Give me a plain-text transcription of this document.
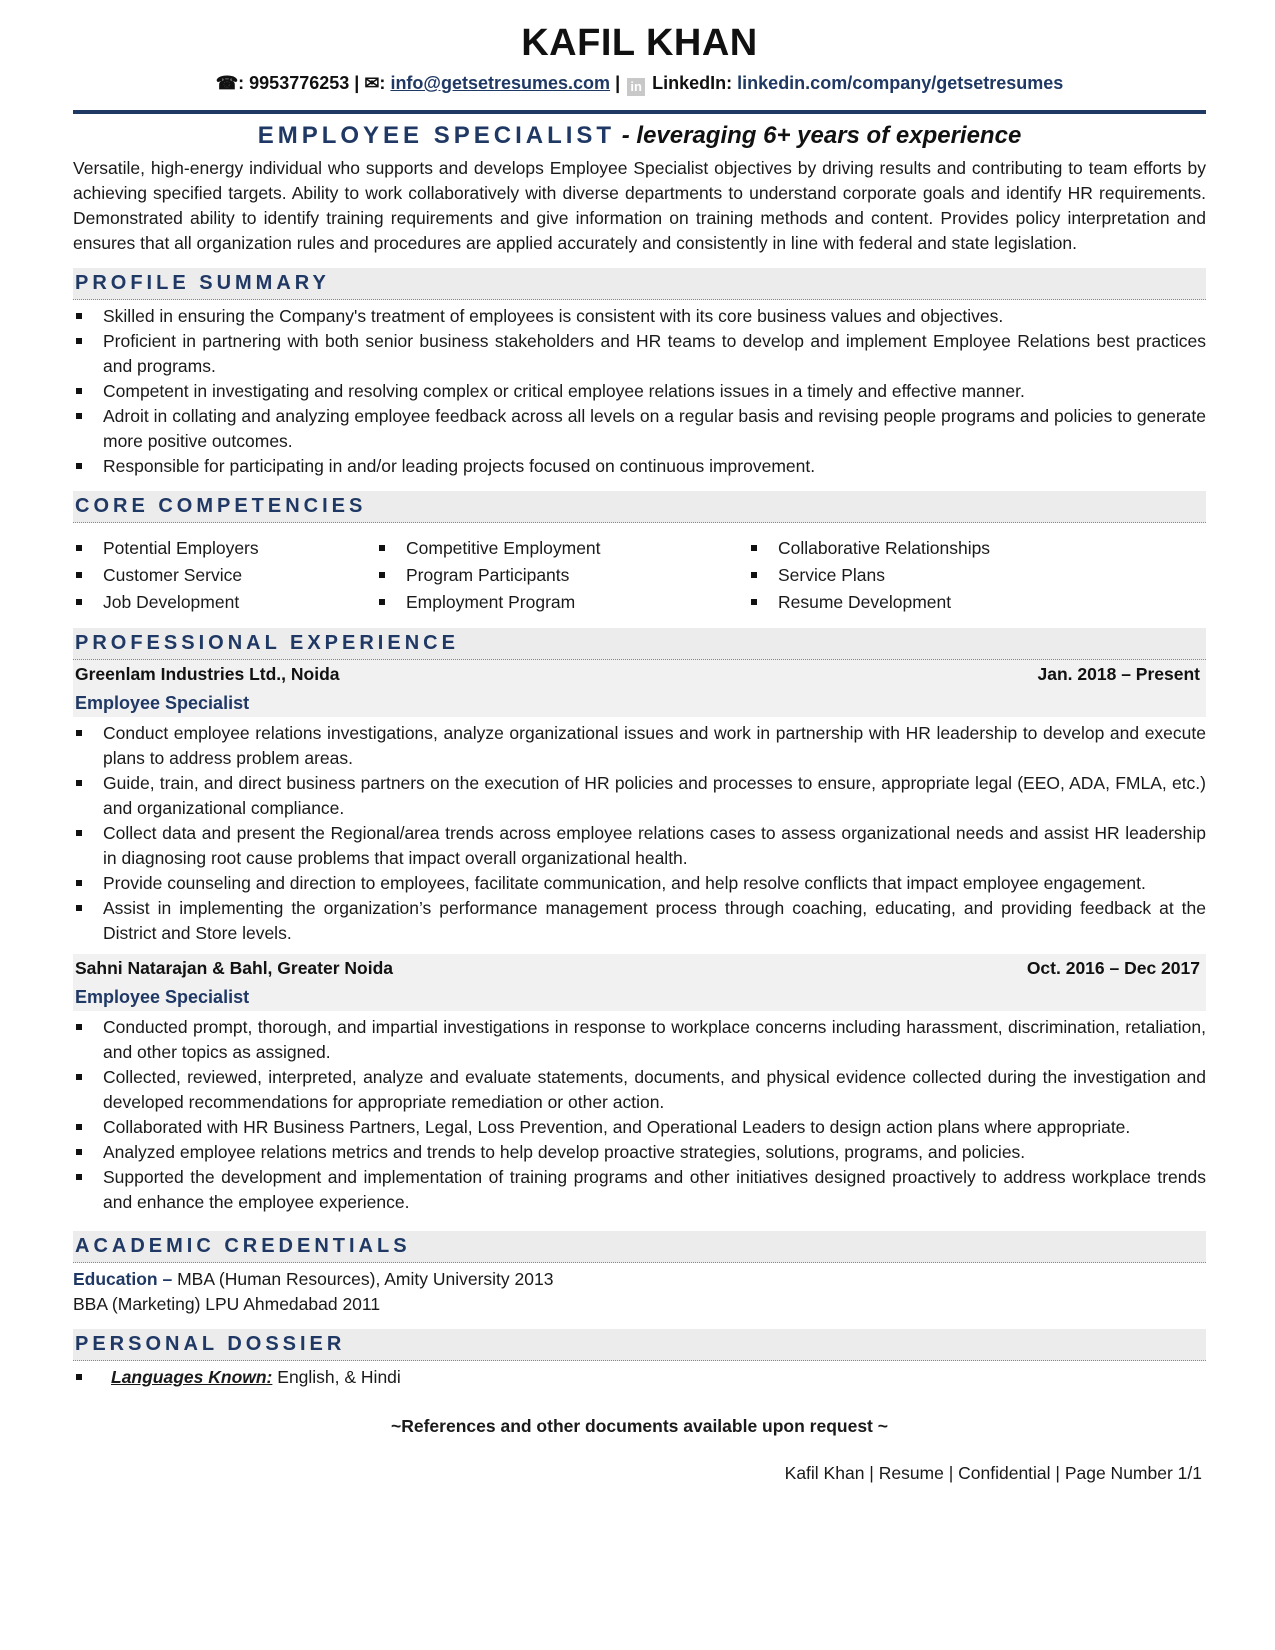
KAFIL KHAN
☎: 9953776253 | ✉: info@getsetresumes.com | in LinkedIn: linkedin.com/company/getsetresumes
EMPLOYEE SPECIALIST - leveraging 6+ years of experience
Versatile, high-energy individual who supports and develops Employee Specialist objectives by driving results and contributing to team efforts by achieving specified targets. Ability to work collaboratively with diverse departments to understand corporate goals and identify HR requirements. Demonstrated ability to identify training requirements and give information on training methods and content. Provides policy interpretation and ensures that all organization rules and procedures are applied accurately and consistently in line with federal and state legislation.
PROFILE SUMMARY
Skilled in ensuring the Company's treatment of employees is consistent with its core business values and objectives.
Proficient in partnering with both senior business stakeholders and HR teams to develop and implement Employee Relations best practices and programs.
Competent in investigating and resolving complex or critical employee relations issues in a timely and effective manner.
Adroit in collating and analyzing employee feedback across all levels on a regular basis and revising people programs and policies to generate more positive outcomes.
Responsible for participating in and/or leading projects focused on continuous improvement.
CORE COMPETENCIES
Potential Employers
Customer Service
Job Development
Competitive Employment
Program Participants
Employment Program
Collaborative Relationships
Service Plans
Resume Development
PROFESSIONAL EXPERIENCE
Greenlam Industries Ltd., Noida	Jan. 2018 – Present
Employee Specialist
Conduct employee relations investigations, analyze organizational issues and work in partnership with HR leadership to develop and execute plans to address problem areas.
Guide, train, and direct business partners on the execution of HR policies and processes to ensure, appropriate legal (EEO, ADA, FMLA, etc.) and organizational compliance.
Collect data and present the Regional/area trends across employee relations cases to assess organizational needs and assist HR leadership in diagnosing root cause problems that impact overall organizational health.
Provide counseling and direction to employees, facilitate communication, and help resolve conflicts that impact employee engagement.
Assist in implementing the organization’s performance management process through coaching, educating, and providing feedback at the District and Store levels.
Sahni Natarajan & Bahl, Greater Noida	Oct. 2016 – Dec 2017
Employee Specialist
Conducted prompt, thorough, and impartial investigations in response to workplace concerns including harassment, discrimination, retaliation, and other topics as assigned.
Collected, reviewed, interpreted, analyze and evaluate statements, documents, and physical evidence collected during the investigation and developed recommendations for appropriate remediation or other action.
Collaborated with HR Business Partners, Legal, Loss Prevention, and Operational Leaders to design action plans where appropriate.
Analyzed employee relations metrics and trends to help develop proactive strategies, solutions, programs, and policies.
Supported the development and implementation of training programs and other initiatives designed proactively to address workplace trends and enhance the employee experience.
ACADEMIC CREDENTIALS
Education – MBA (Human Resources), Amity University 2013
BBA (Marketing) LPU Ahmedabad 2011
PERSONAL DOSSIER
Languages Known: English, & Hindi
~References and other documents available upon request ~
Kafil Khan | Resume | Confidential | Page Number 1/1
